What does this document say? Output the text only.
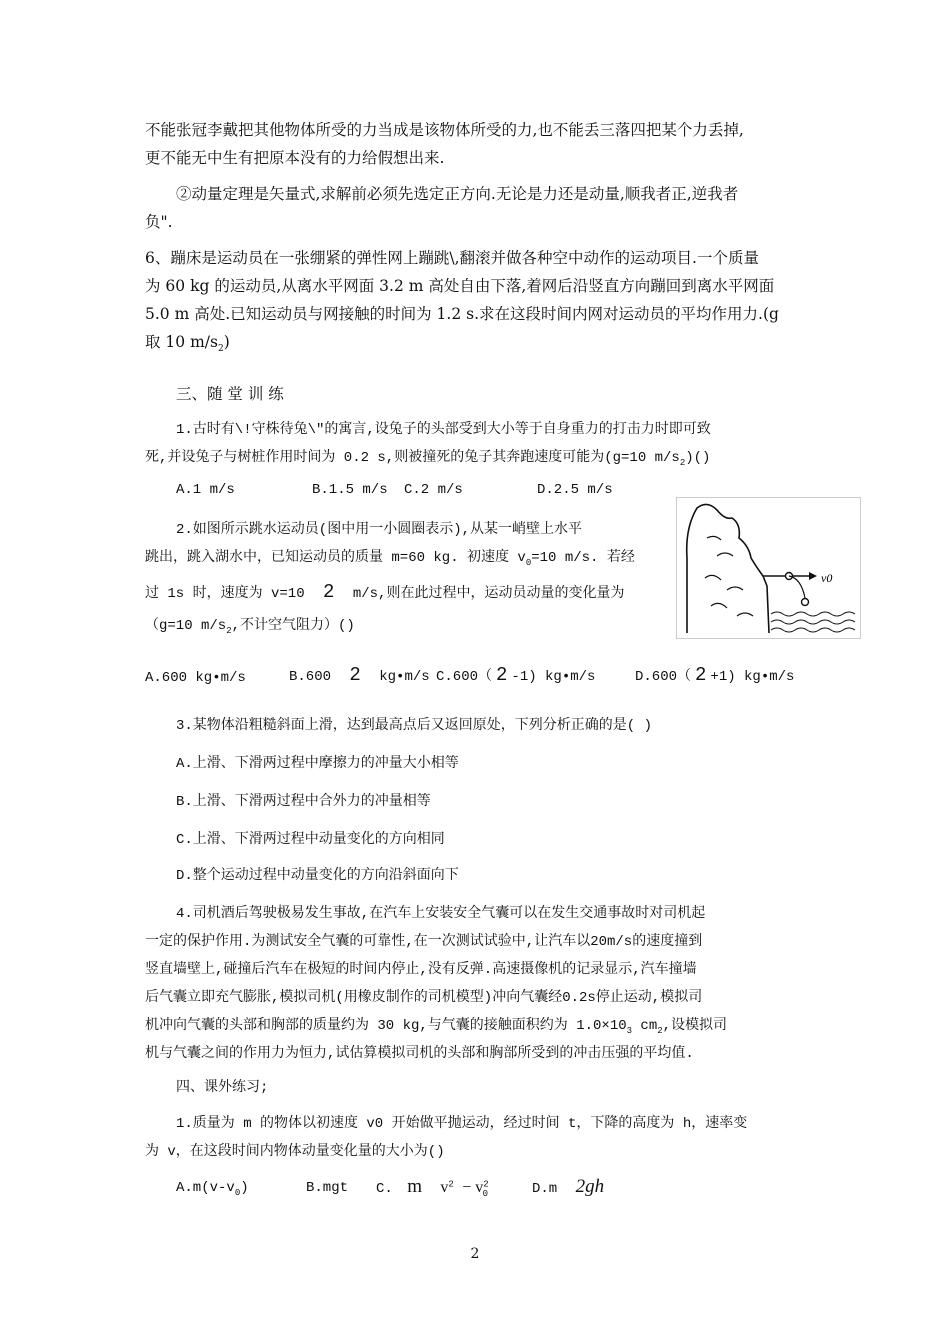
不能张冠李戴把其他物体所受的力当成是该物体所受的力,也不能丢三落四把某个力丢掉,
更不能无中生有把原本没有的力给假想出来.
②动量定理是矢量式,求解前必须先选定正方向.无论是力还是动量,顺我者正,逆我者
负".
6、蹦床是运动员在一张绷紧的弹性网上蹦跳\,翻滚并做各种空中动作的运动项目.一个质量
为 60 kg 的运动员,从离水平网面 3.2 m 高处自由下落,着网后沿竖直方向蹦回到离水平网面
5.0 m 高处.已知运动员与网接触的时间为 1.2 s.求在这段时间内网对运动员的平均作用力.(g
取 10 $m/s_2$)
三、随 堂 训 练
1.古时有\!守株待兔\"的寓言,设兔子的头部受到大小等于自身重力的打击力时即可致
死,并设兔子与树桩作用时间为 0.2 s,则被撞死的兔子其奔跑速度可能为(g=10 $m/s_2)()$
A.1 m/s	B.1.5 m/s C.2 m/s	D.2.5 m/s
2.如图所示跳水运动员(图中用一小圆圈表示),从某一峭壁上水平
跳出，跳入湖水中，已知运动员的质量 m=60 kg. 初速度 $v_0=10$ m/s. 若经
过 1s 时，速度为 v=10 2 m/s,则在此过程中，运动员动量的变化量为
（g=10 $m/s_2$,不计空气阻力）()
v0
A.600 kg•m/s	B.600 2 kg•m/s C.600（ 2 -1) kg•m/s	D.600（ 2 +1) kg•m/s
3.某物体沿粗糙斜面上滑，达到最高点后又返回原处，下列分析正确的是( )
A.上滑、下滑两过程中摩擦力的冲量大小相等
B.上滑、下滑两过程中合外力的冲量相等
C.上滑、下滑两过程中动量变化的方向相同
D.整个运动过程中动量变化的方向沿斜面向下
4.司机酒后驾驶极易发生事故,在汽车上安装安全气囊可以在发生交通事故时对司机起
一定的保护作用.为测试安全气囊的可靠性,在一次测试试验中,让汽车以20m/s的速度撞到
竖直墙壁上,碰撞后汽车在极短的时间内停止,没有反弹.高速摄像机的记录显示,汽车撞墙
后气囊立即充气膨胀,模拟司机(用橡皮制作的司机模型)冲向气囊经0.2s停止运动,模拟司
机冲向气囊的头部和胸部的质量约为 30 kg,与气囊的接触面积约为 $1.0\times 10_3$ $cm_2$,设模拟司
机与气囊之间的作用力为恒力,试估算模拟司机的头部和胸部所受到的冲击压强的平均值.
四、课外练习;
1.质量为 m 的物体以初速度 v0 开始做平抛运动，经过时间 t，下降的高度为 h，速率变
为 v，在这段时间内物体动量变化量的大小为()
$A.m(v-v_0)$	B.mgt C. m $v^2 - v^2_0$	D.m 2gh
2
